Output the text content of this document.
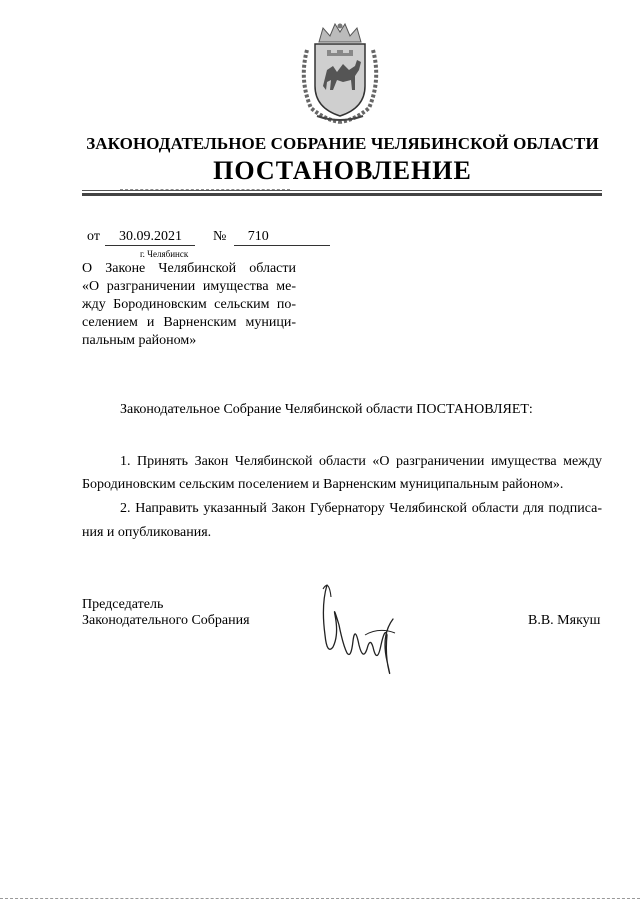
ЗАКОНОДАТЕЛЬНОЕ СОБРАНИЕ ЧЕЛЯБИНСКОЙ ОБЛАСТИ
ПОСТАНОВЛЕНИЕ
от 30.09.2021 № 710
г. Челябинск
О Законе Челябинской области
«О разграничении имущества ме-
жду Бородиновским сельским по-
селением и Варненским муници-
пальным районом»
Законодательное Собрание Челябинской области ПОСТАНОВЛЯЕТ:
1. Принять Закон Челябинской области «О разграничении имущества между
Бородиновским сельским поселением и Варненским муниципальным районом».
2. Направить указанный Закон Губернатору Челябинской области для подписа-
ния и опубликования.
Председатель
Законодательного Собрания	В.В. Мякуш
